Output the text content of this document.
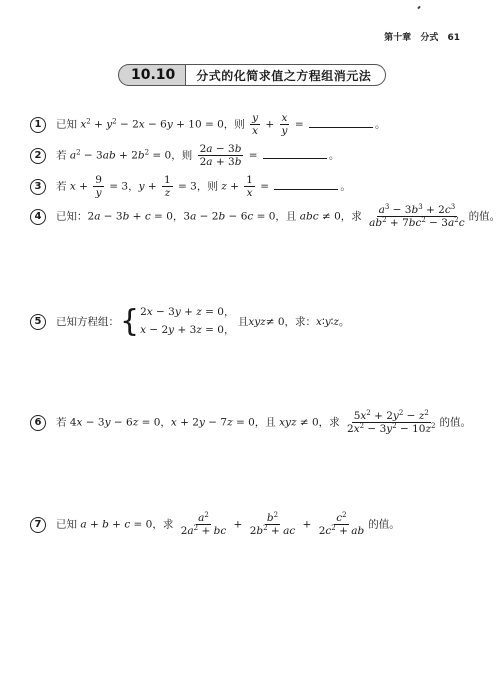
第十章 分式 61
10.10	分式的化简求值之方程组消元法
1	已知 $x^2 + y^2 - 2x - 6y + 10 = 0$，则 $\frac{y}{x} + \frac{x}{y}$ =	。
2	若 $a^2 - 3ab + 2b^2 = 0$，则 $\frac{2a - 3b}{2a + 3b}$ =	。
3	若 $x + \frac{9}{y} = 3$，$y + \frac{1}{z} = 3$，则 $z + \frac{1}{x}$ =	。
4	已知：2a − 3b + c = 0，3a − 2b − 6c = 0，且 abc ≠ 0，求 $\frac{a^3 - 3b^3 + 2c^3}{ab^2 + 7bc^2 - 3a^2c}$ 的值。
5	已知方程组： { 2x − 3y + z = 0，
x − 2y + 3z = 0，
且 xyz ≠ 0，求： x ∶ y ∶ z 。
6	若 4x − 3y − 6z = 0，x + 2y − 7z = 0，且 xyz ≠ 0，求 $\frac{5x^2 + 2y^2 - z^2}{2x^2 - 3y^2 - 10z^2}$ 的值。
7	已知 a + b + c = 0，求 $\frac{a^2}{2a^2 + bc} + \frac{b^2}{2b^2 + ac} + \frac{c^2}{2c^2 + ab}$ 的值。
